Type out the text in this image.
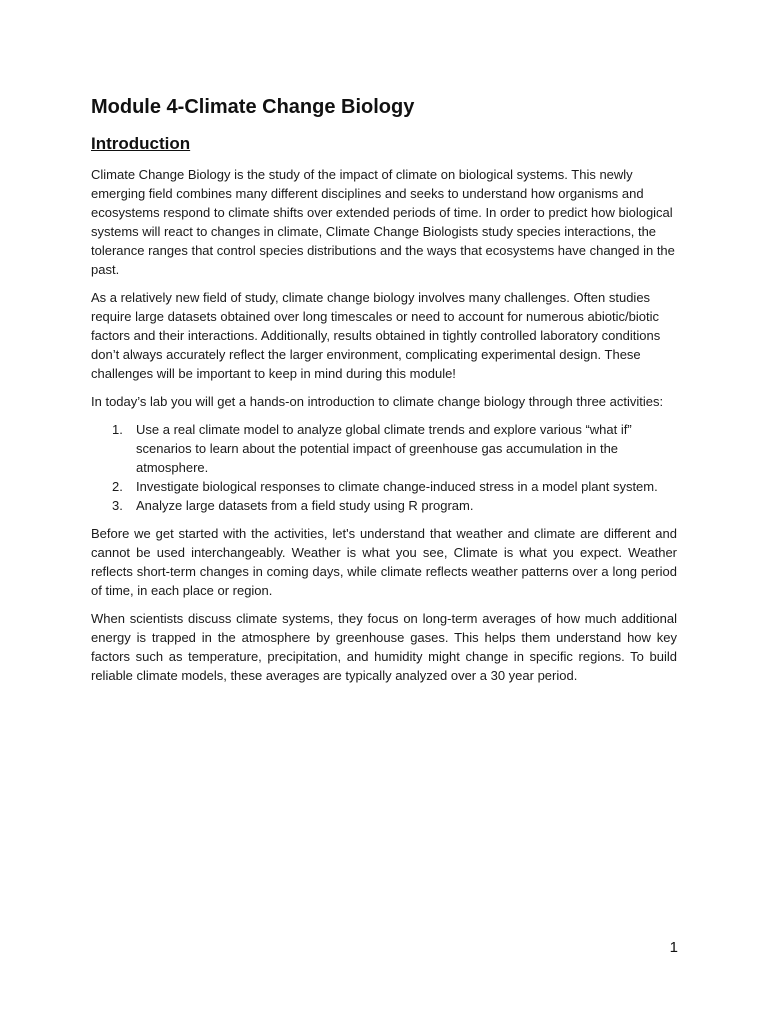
Module 4-Climate Change Biology
Introduction

Climate Change Biology is the study of the impact of climate on biological systems. This newly emerging field combines many different disciplines and seeks to understand how organisms and ecosystems respond to climate shifts over extended periods of time. In order to predict how biological systems will react to changes in climate, Climate Change Biologists study species interactions, the tolerance ranges that control species distributions and the ways that ecosystems have changed in the past.

As a relatively new field of study, climate change biology involves many challenges. Often studies require large datasets obtained over long timescales or need to account for numerous abiotic/biotic factors and their interactions. Additionally, results obtained in tightly controlled laboratory conditions don’t always accurately reflect the larger environment, complicating experimental design. These challenges will be important to keep in mind during this module!

In today’s lab you will get a hands-on introduction to climate change biology through three activities:

1. Use a real climate model to analyze global climate trends and explore various “what if” scenarios to learn about the potential impact of greenhouse gas accumulation in the atmosphere.
2. Investigate biological responses to climate change-induced stress in a model plant system.
3. Analyze large datasets from a field study using R program.

Before we get started with the activities, let's understand that weather and climate are different and cannot be used interchangeably. Weather is what you see, Climate is what you expect. Weather reflects short-term changes in coming days, while climate reflects weather patterns over a long period of time, in each place or region.

When scientists discuss climate systems, they focus on long-term averages of how much additional energy is trapped in the atmosphere by greenhouse gases. This helps them understand how key factors such as temperature, precipitation, and humidity might change in specific regions. To build reliable climate models, these averages are typically analyzed over a 30 year period.

1
